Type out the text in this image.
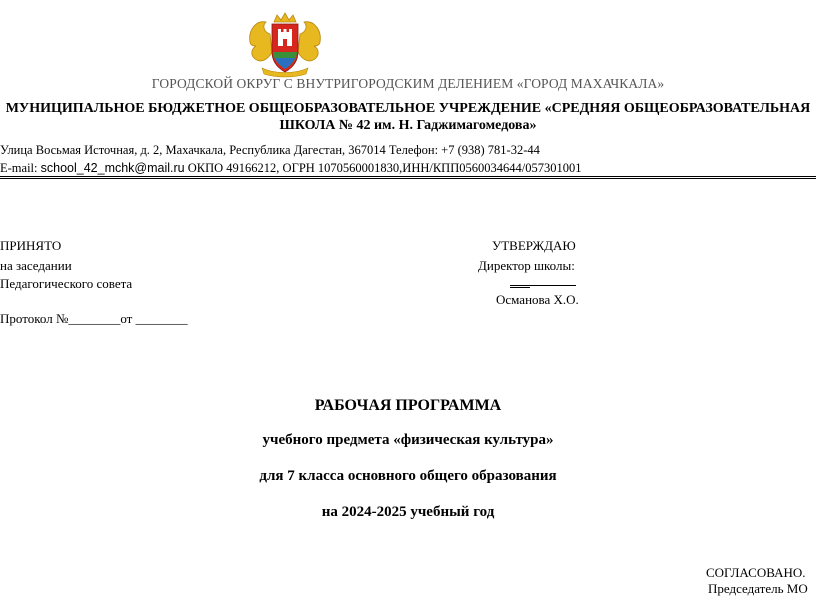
ГОРОДСКОЙ ОКРУГ С ВНУТРИГОРОДСКИМ ДЕЛЕНИЕМ «ГОРОД МАХАЧКАЛА»
МУНИЦИПАЛЬНОЕ БЮДЖЕТНОЕ ОБЩЕОБРАЗОВАТЕЛЬНОЕ УЧРЕЖДЕНИЕ «СРЕДНЯЯ ОБЩЕОБРАЗОВАТЕЛЬНАЯ ШКОЛА № 42 им. Н. Гаджимагомедова»
Улица Восьмая Источная, д. 2, Махачкала, Республика Дагестан, 367014 Телефон: +7 (938) 781-32-44
E-mail: school_42_mchk@mail.ru ОКПО 49166212, ОГРН 1070560001830,ИНН/КПП0560034644/057301001
ПРИНЯТО
на заседании
Педагогического совета
Протокол №________от ________
УТВЕРЖДАЮ
Директор школы:
Османова Х.О.
РАБОЧАЯ ПРОГРАММА
учебного предмета «физическая культура»
для 7 класса основного общего образования
на 2024-2025 учебный год
СОГЛАСОВАНО.
Председатель МО
